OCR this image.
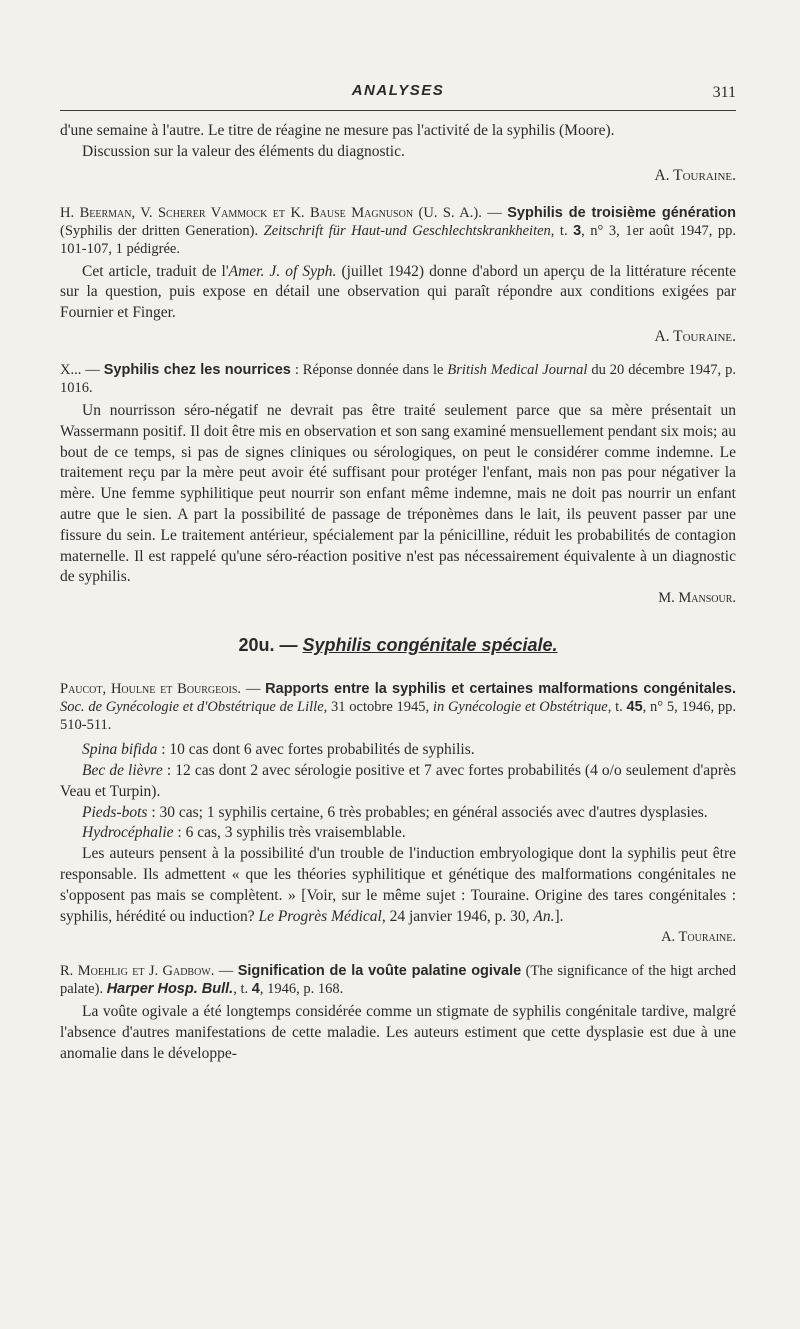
ANALYSES	311

d'une semaine à l'autre. Le titre de réagine ne mesure pas l'activité de la syphilis (Moore).

Discussion sur la valeur des éléments du diagnostic.

A. Touraine.
H. Beerman, V. Scherer Vammock et K. Bause Magnuson (U. S. A.). — Syphilis de troisième génération (Syphilis der dritten Generation). Zeitschrift für Haut-und Geschlechtskrankheiten, t. 3, n° 3, 1er août 1947, pp. 101-107, 1 pédigrée.

Cet article, traduit de l'Amer. J. of Syph. (juillet 1942) donne d'abord un aperçu de la littérature récente sur la question, puis expose en détail une observation qui paraît répondre aux conditions exigées par Fournier et Finger.

A. Touraine.
X... — Syphilis chez les nourrices : Réponse donnée dans le British Medical Journal du 20 décembre 1947, p. 1016.

Un nourrisson séro-négatif ne devrait pas être traité seulement parce que sa mère présentait un Wassermann positif. Il doit être mis en observation et son sang examiné mensuellement pendant six mois; au bout de ce temps, si pas de signes cliniques ou sérologiques, on peut le considérer comme indemne. Le traitement reçu par la mère peut avoir été suffisant pour protéger l'enfant, mais non pas pour négativer la mère. Une femme syphilitique peut nourrir son enfant même indemne, mais ne doit pas nourrir un enfant autre que le sien. A part la possibilité de passage de tréponèmes dans le lait, ils peuvent passer par une fissure du sein. Le traitement antérieur, spécialement par la pénicilline, réduit les probabilités de contagion maternelle. Il est rappelé qu'une séro-réaction positive n'est pas nécessairement équivalente à un diagnostic de syphilis.

M. Mansour.
20u. — Syphilis congénitale spéciale.
Paucot, Houlne et Bourgeois. — Rapports entre la syphilis et certaines malformations congénitales. Soc. de Gynécologie et d'Obstétrique de Lille, 31 octobre 1945, in Gynécologie et Obstétrique, t. 45, n° 5, 1946, pp. 510-511.

Spina bifida : 10 cas dont 6 avec fortes probabilités de syphilis.

Bec de lièvre : 12 cas dont 2 avec sérologie positive et 7 avec fortes probabilités (4 o/o seulement d'après Veau et Turpin).

Pieds-bots : 30 cas; 1 syphilis certaine, 6 très probables; en général associés avec d'autres dysplasies.

Hydrocéphalie : 6 cas, 3 syphilis très vraisemblable.

Les auteurs pensent à la possibilité d'un trouble de l'induction embryologique dont la syphilis peut être responsable. Ils admettent « que les théories syphilitique et génétique des malformations congénitales ne s'opposent pas mais se complètent. » [Voir, sur le même sujet : Touraine. Origine des tares congénitales : syphilis, hérédité ou induction? Le Progrès Médical, 24 janvier 1946, p. 30, An.].

A. Touraine.
R. Moehlig et J. Gadbow. — Signification de la voûte palatine ogivale (The significance of the higt arched palate). Harper Hosp. Bull., t. 4, 1946, p. 168.

La voûte ogivale a été longtemps considérée comme un stigmate de syphilis congénitale tardive, malgré l'absence d'autres manifestations de cette maladie. Les auteurs estiment que cette dysplasie est due à une anomalie dans le développe-
